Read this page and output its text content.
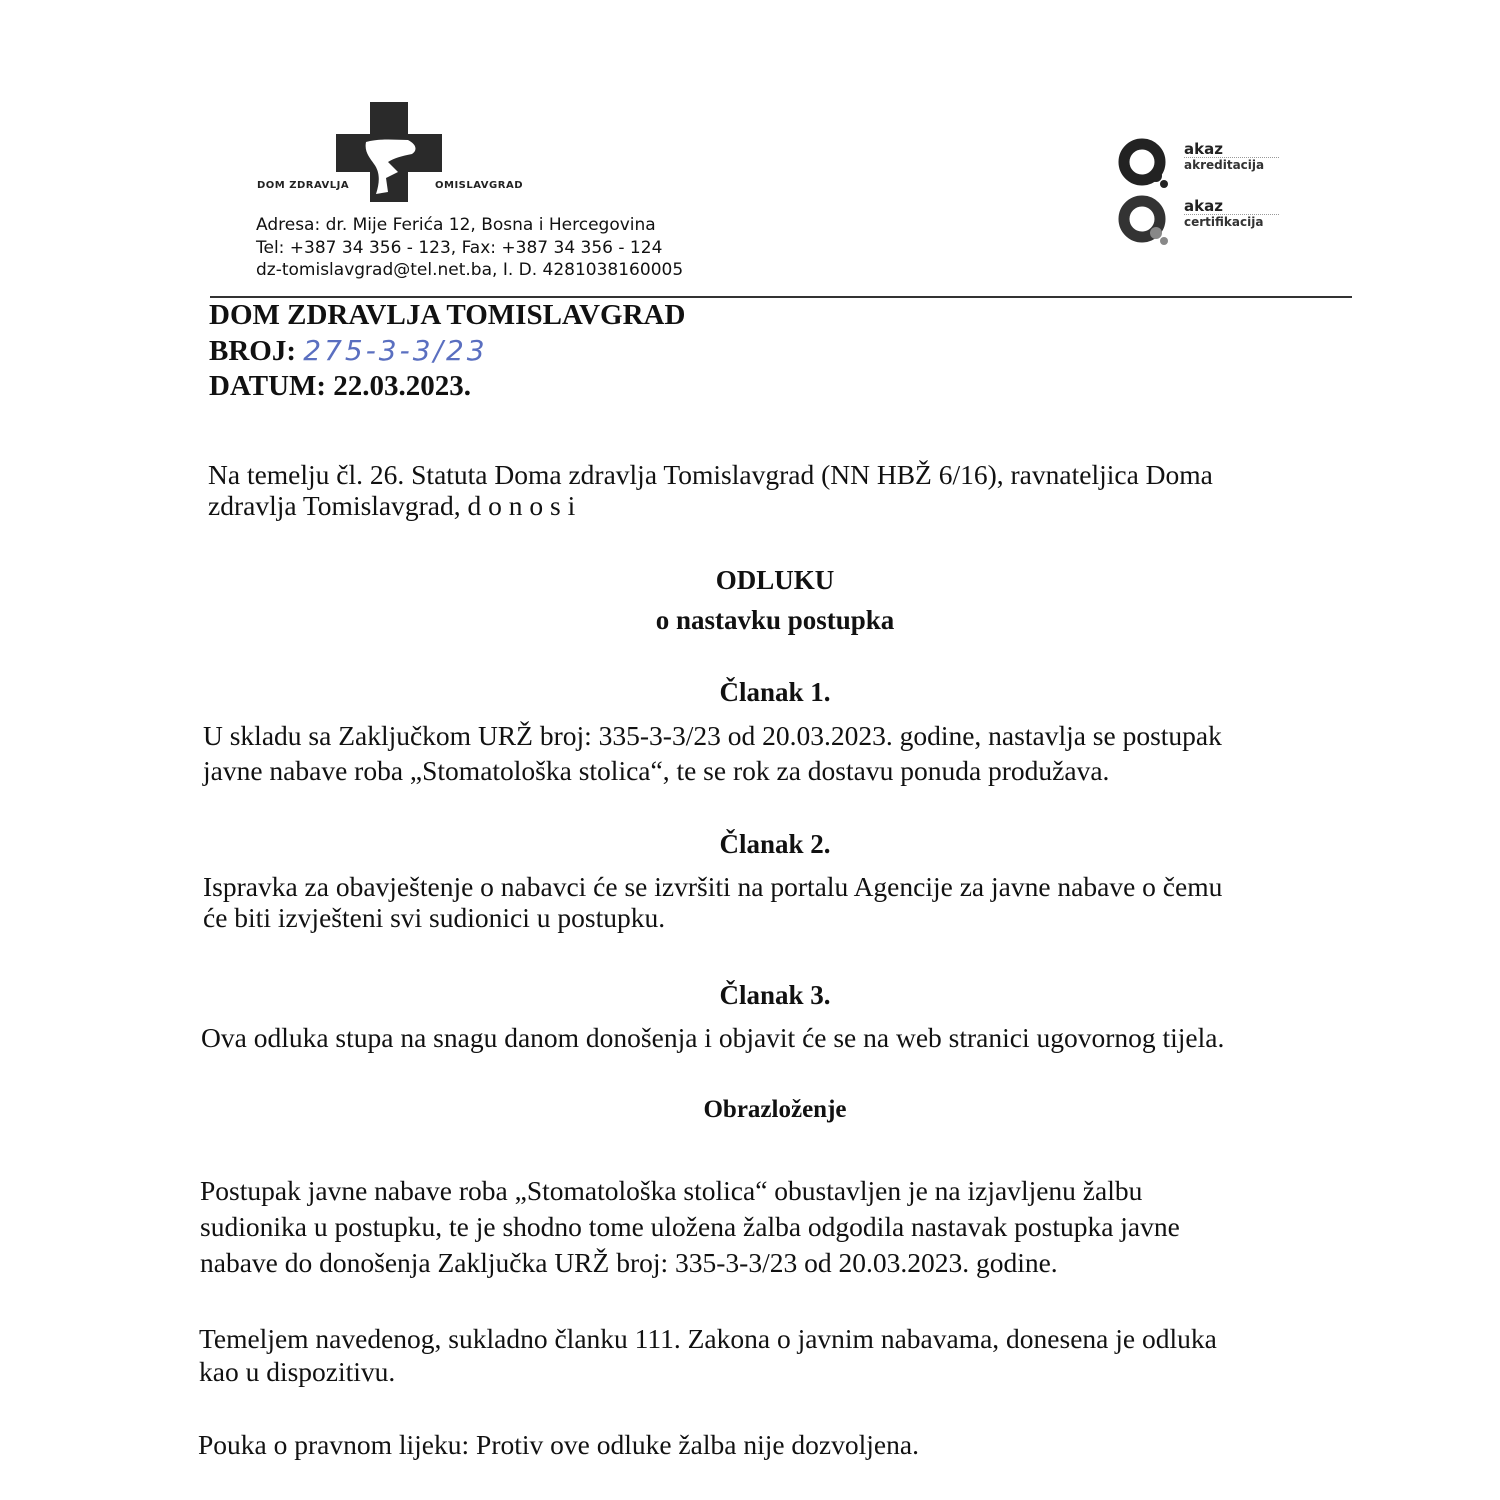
DOM ZDRAVLJA	OMISLAVGRAD
Adresa: dr. Mije Ferića 12, Bosna i Hercegovina
Tel: +387 34 356 - 123, Fax: +387 34 356 - 124
dz-tomislavgrad@tel.net.ba, I. D. 4281038160005
akaz
akreditacija
akaz
certifikacija
DOM ZDRAVLJA TOMISLAVGRAD
BROJ: 275-3-3/23
DATUM: 22.03.2023.
Na temelju čl. 26. Statuta Doma zdravlja Tomislavgrad (NN HBŽ 6/16), ravnateljica Doma
zdravlja Tomislavgrad, d o n o s i
ODLUKU
o nastavku postupka
Članak 1.
U skladu sa Zaključkom URŽ broj: 335-3-3/23 od 20.03.2023. godine, nastavlja se postupak
javne nabave roba „Stomatološka stolica“, te se rok za dostavu ponuda produžava.
Članak 2.
Ispravka za obavještenje o nabavci će se izvršiti na portalu Agencije za javne nabave o čemu
će biti izvješteni svi sudionici u postupku.
Članak 3.
Ova odluka stupa na snagu danom donošenja i objavit će se na web stranici ugovornog tijela.
Obrazloženje
Postupak javne nabave roba „Stomatološka stolica“ obustavljen je na izjavljenu žalbu
sudionika u postupku, te je shodno tome uložena žalba odgodila nastavak postupka javne
nabave do donošenja Zaključka URŽ broj: 335-3-3/23 od 20.03.2023. godine.
Temeljem navedenog, sukladno članku 111. Zakona o javnim nabavama, donesena je odluka
kao u dispozitivu.
Pouka o pravnom lijeku: Protiv ove odluke žalba nije dozvoljena.
